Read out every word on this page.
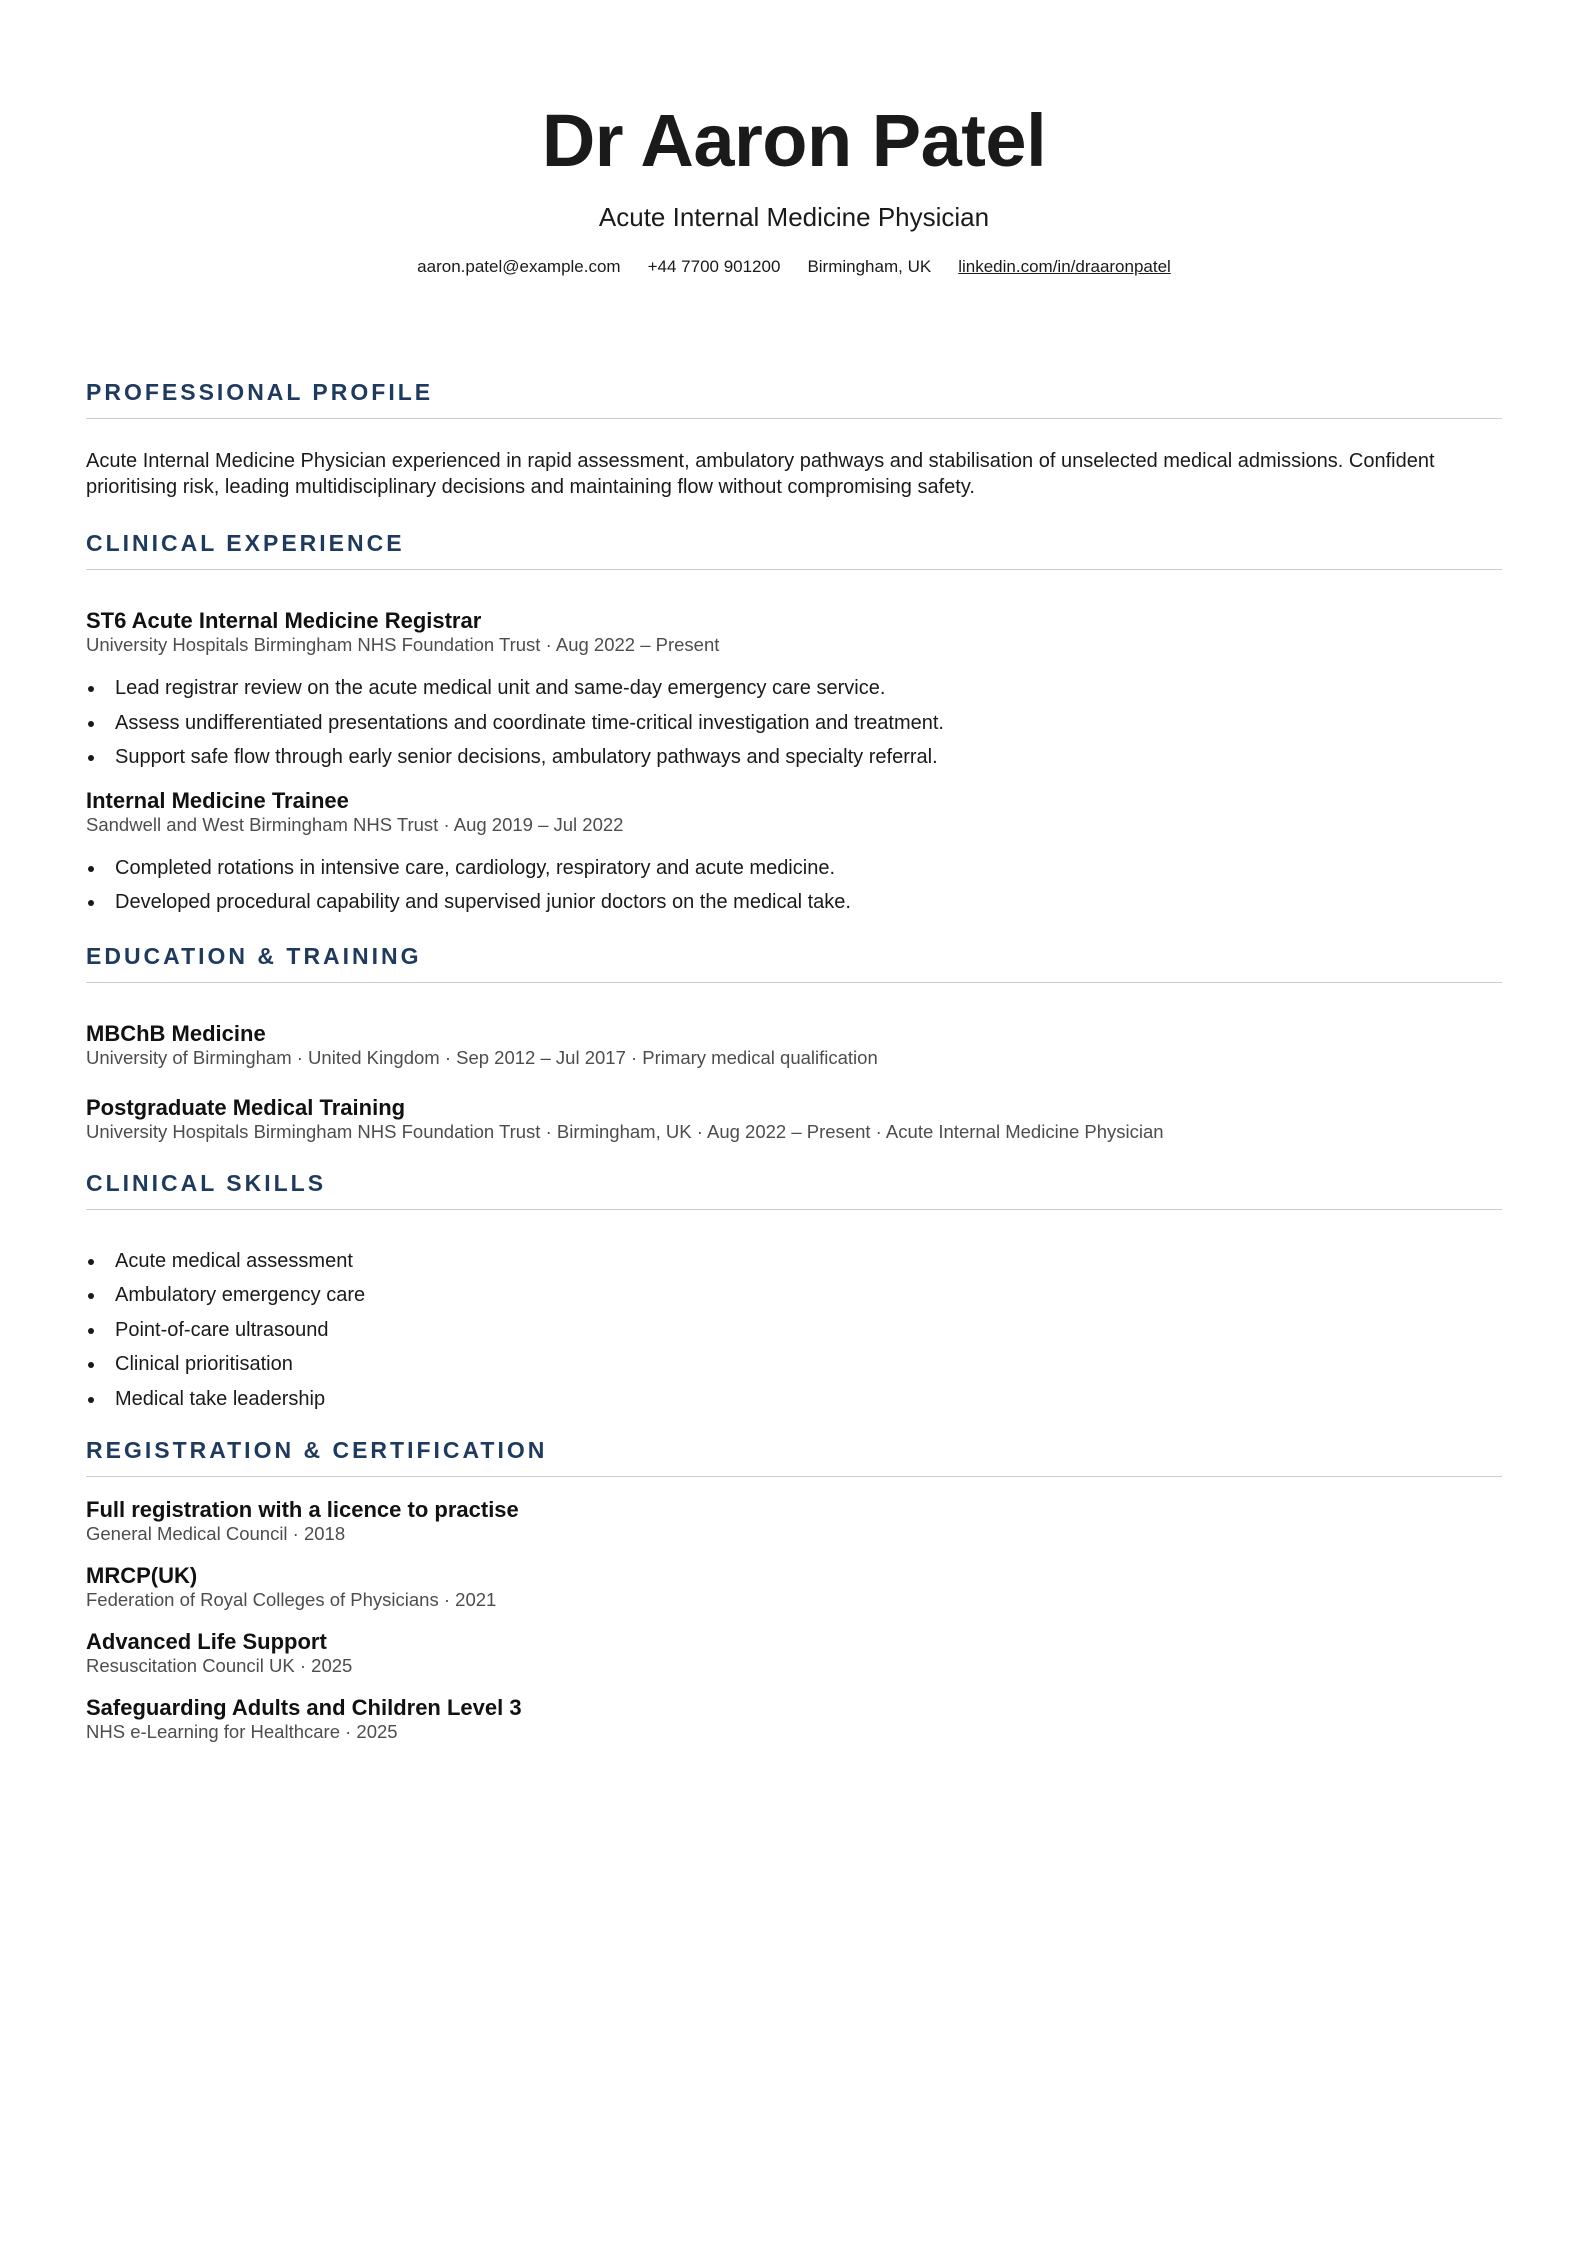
Dr Aaron Patel
Acute Internal Medicine Physician
aaron.patel@example.com +44 7700 901200 Birmingham, UK linkedin.com/in/draaronpatel
PROFESSIONAL PROFILE
Acute Internal Medicine Physician experienced in rapid assessment, ambulatory pathways and stabilisation of unselected medical admissions. Confident prioritising risk, leading multidisciplinary decisions and maintaining flow without compromising safety.
CLINICAL EXPERIENCE
ST6 Acute Internal Medicine Registrar
University Hospitals Birmingham NHS Foundation Trust · Aug 2022 – Present
Lead registrar review on the acute medical unit and same-day emergency care service.
Assess undifferentiated presentations and coordinate time-critical investigation and treatment.
Support safe flow through early senior decisions, ambulatory pathways and specialty referral.
Internal Medicine Trainee
Sandwell and West Birmingham NHS Trust · Aug 2019 – Jul 2022
Completed rotations in intensive care, cardiology, respiratory and acute medicine.
Developed procedural capability and supervised junior doctors on the medical take.
EDUCATION & TRAINING
MBChB Medicine
University of Birmingham · United Kingdom · Sep 2012 – Jul 2017 · Primary medical qualification
Postgraduate Medical Training
University Hospitals Birmingham NHS Foundation Trust · Birmingham, UK · Aug 2022 – Present · Acute Internal Medicine Physician
CLINICAL SKILLS
Acute medical assessment
Ambulatory emergency care
Point-of-care ultrasound
Clinical prioritisation
Medical take leadership
REGISTRATION & CERTIFICATION
Full registration with a licence to practise
General Medical Council · 2018
MRCP(UK)
Federation of Royal Colleges of Physicians · 2021
Advanced Life Support
Resuscitation Council UK · 2025
Safeguarding Adults and Children Level 3
NHS e-Learning for Healthcare · 2025
